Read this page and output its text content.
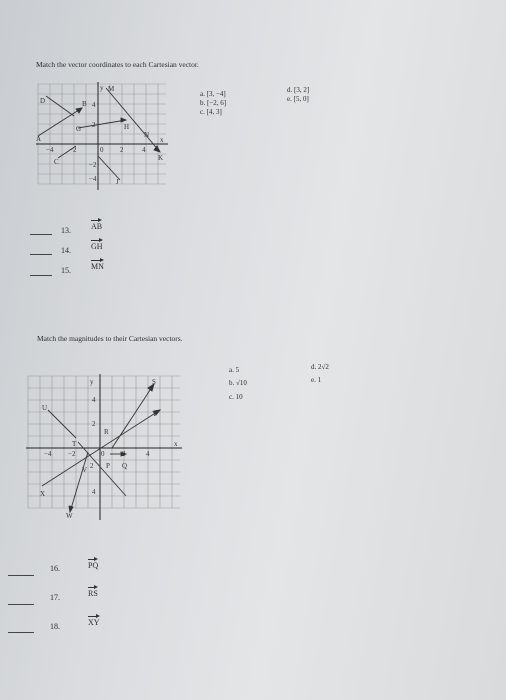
Match the vector coordinates to each Cartesian vector.
y
x
4
2
−2
−4
−4 −2	0 2	4
A
B
C
D
G	H
J
K
M
N
a. [3, −4]
b. [−2, 6]
c. [4, 3]
d. [3, 2]
e. [5, 0]
13.	AB
14.	GH
15.	MN
Match the magnitudes to their Cartesian vectors.
y
x
4
2
2
4
−4 −2	0	2	4
P Q
R
S
T
U
V
W
X
Y
a. 5
b. √10
c. 10
d. 2√2
e. 1
16.	PQ
17.	RS
18.	XY
